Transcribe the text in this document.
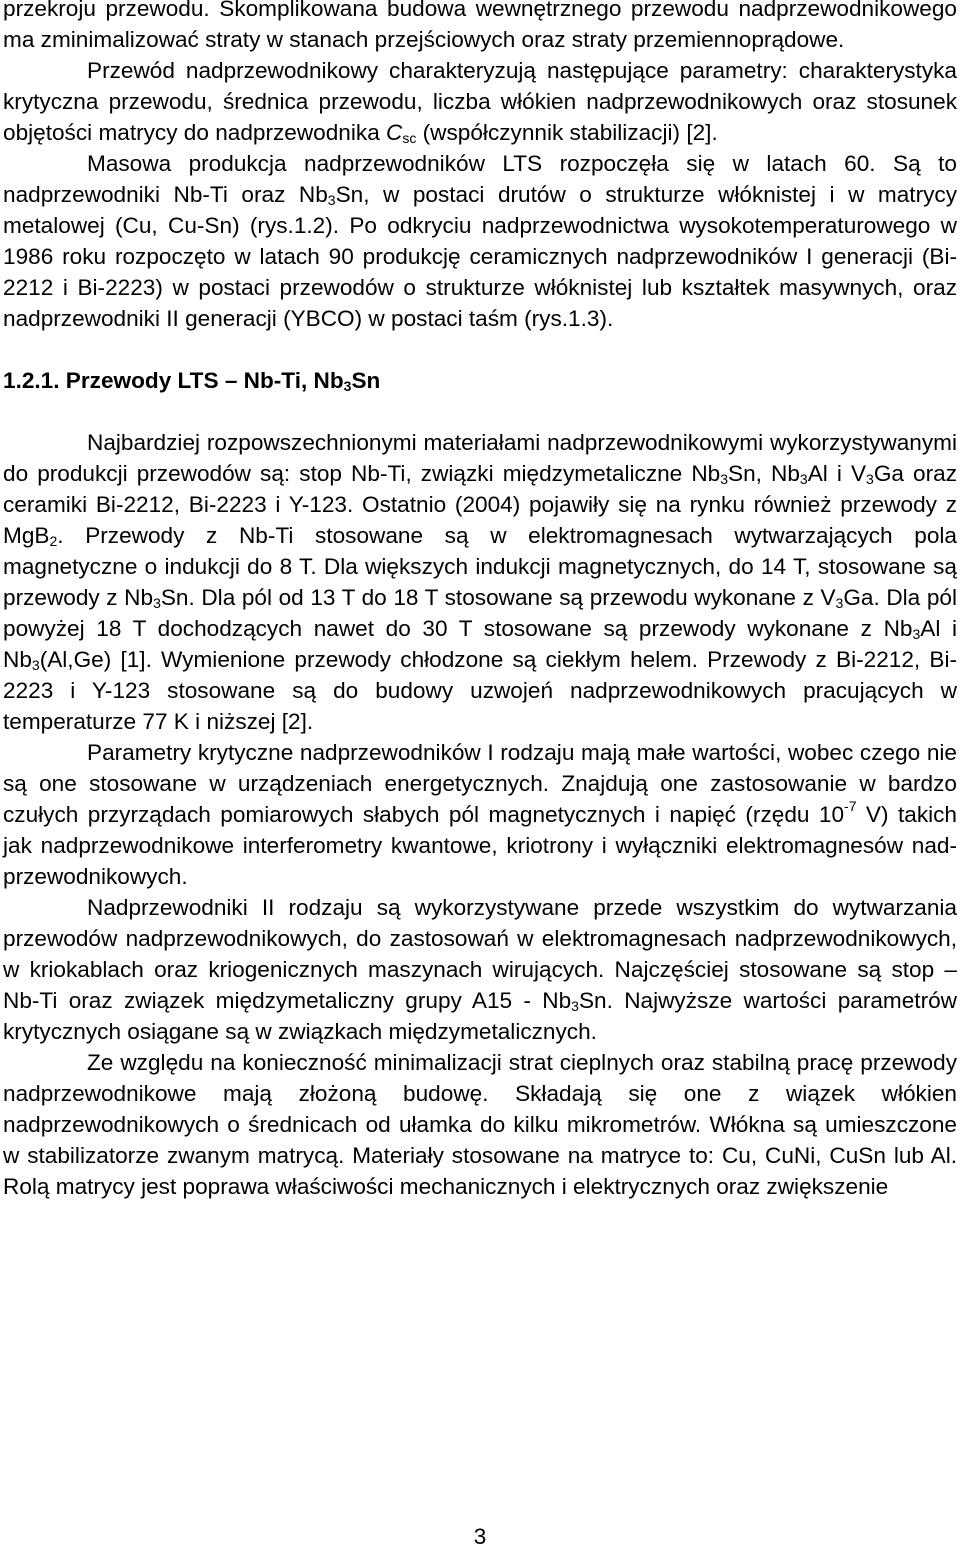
przekroju przewodu. Skomplikowana budowa wewnętrznego przewodu nadprzewodnikowego ma zminimalizować straty w stanach przejściowych oraz straty przemiennoprądowe.

Przewód nadprzewodnikowy charakteryzują następujące parametry: charakterystyka krytyczna przewodu, średnica przewodu, liczba włókien nadprzewodnikowych oraz stosunek objętości matrycy do nadprzewodnika $C_{sc}$ (współczynnik stabilizacji) [2].

Masowa produkcja nadprzewodników LTS rozpoczęła się w latach 60. Są to nadprzewodniki Nb-Ti oraz $Nb_3Sn$, w postaci drutów o strukturze włóknistej i w matrycy metalowej (Cu, Cu-Sn) (rys.1.2). Po odkryciu nadprzewodnictwa wysokotemperaturowego w 1986 roku rozpoczęto w latach 90 produkcję ceramicznych nadprzewodników I generacji (Bi-2212 i Bi-2223) w postaci przewodów o strukturze włóknistej lub kształtek masywnych, oraz nadprzewodniki II generacji (YBCO) w postaci taśm (rys.1.3).

1.2.1. Przewody LTS – Nb-Ti, $Nb_3Sn$

Najbardziej rozpowszechnionymi materiałami nadprzewodnikowymi wykorzystywanymi do produkcji przewodów są: stop Nb-Ti, związki międzymetaliczne $Nb_3Sn$, $Nb_3Al$ i $V_3Ga$ oraz ceramiki Bi-2212, Bi-2223 i Y-123. Ostatnio (2004) pojawiły się na rynku również przewody z MgB$_2$. Przewody z Nb-Ti stosowane są w elektromagnesach wytwarzających pola magnetyczne o indukcji do 8 T. Dla większych indukcji magnetycznych, do 14 T, stosowane są przewody z $Nb_3Sn$. Dla pól od 13 T do 18 T stosowane są przewodu wykonane z $V_3Ga$. Dla pól powyżej 18 T dochodzących nawet do 30 T stosowane są przewody wykonane z $Nb_3Al$ i $Nb_3(Al,Ge)$ [1]. Wymienione przewody chłodzone są ciekłym helem. Przewody z Bi-2212, Bi-2223 i Y-123 stosowane są do budowy uzwojeń nadprzewodnikowych pracujących w temperaturze 77 K i niższej [2].

Parametry krytyczne nadprzewodników I rodzaju mają małe wartości, wobec czego nie są one stosowane w urządzeniach energetycznych. Znajdują one zastosowanie w bardzo czułych przyrządach pomiarowych słabych pól magnetycznych i napięć (rzędu $10^{-7}$ V) takich jak nadprzewodnikowe interferometry kwantowe, kriotrony i wyłączniki elektromagnesów nad-przewodnikowych.

Nadprzewodniki II rodzaju są wykorzystywane przede wszystkim do wytwarzania przewodów nadprzewodnikowych, do zastosowań w elektromagnesach nadprzewodnikowych, w kriokablach oraz kriogenicznych maszynach wirujących. Najczęściej stosowane są stop – Nb-Ti oraz związek międzymetaliczny grupy $A15 - Nb_3Sn$. Najwyższe wartości parametrów krytycznych osiągane są w związkach międzymetalicznych.

Ze względu na konieczność minimalizacji strat cieplnych oraz stabilną pracę przewody nadprzewodnikowe mają złożoną budowę. Składają się one z wiązek włókien nadprzewodnikowych o średnicach od ułamka do kilku mikrometrów. Włókna są umieszczone w stabilizatorze zwanym matrycą. Materiały stosowane na matryce to: Cu, CuNi, CuSn lub Al. Rolą matrycy jest poprawa właściwości mechanicznych i elektrycznych oraz zwiększenie

3
